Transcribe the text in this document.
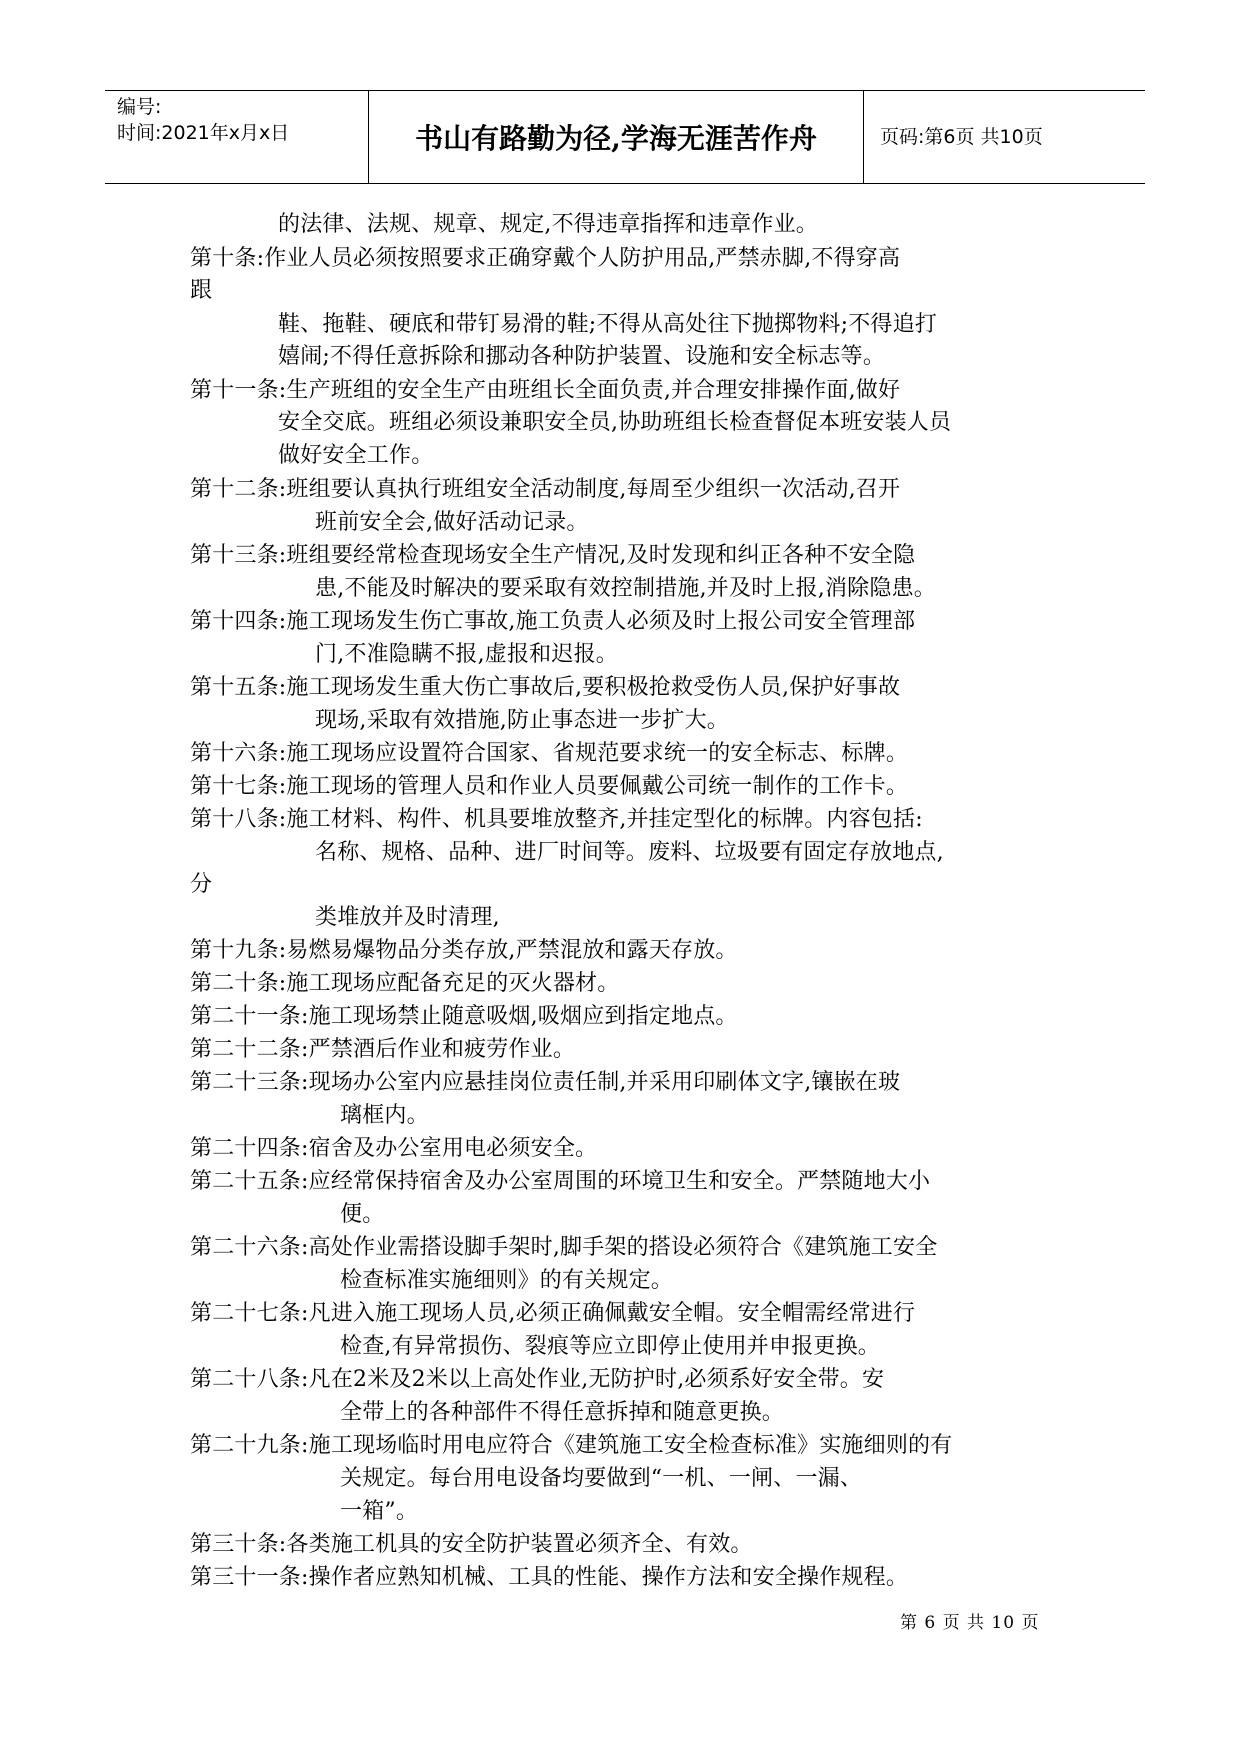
编号:
时间:2021年x月x日	书山有路勤为径,学海无涯苦作舟	页码:第6页 共10页
的法律、法规、规章、规定,不得违章指挥和违章作业。
第十条:作业人员必须按照要求正确穿戴个人防护用品,严禁赤脚,不得穿高
跟
鞋、拖鞋、硬底和带钉易滑的鞋;不得从高处往下抛掷物料;不得追打
嬉闹;不得任意拆除和挪动各种防护装置、设施和安全标志等。
第十一条:生产班组的安全生产由班组长全面负责,并合理安排操作面,做好
安全交底。班组必须设兼职安全员,协助班组长检查督促本班安装人员
做好安全工作。
第十二条:班组要认真执行班组安全活动制度,每周至少组织一次活动,召开
班前安全会,做好活动记录。
第十三条:班组要经常检查现场安全生产情况,及时发现和纠正各种不安全隐
患,不能及时解决的要采取有效控制措施,并及时上报,消除隐患。
第十四条:施工现场发生伤亡事故,施工负责人必须及时上报公司安全管理部
门,不准隐瞒不报,虚报和迟报。
第十五条:施工现场发生重大伤亡事故后,要积极抢救受伤人员,保护好事故
现场,采取有效措施,防止事态进一步扩大。
第十六条:施工现场应设置符合国家、省规范要求统一的安全标志、标牌。
第十七条:施工现场的管理人员和作业人员要佩戴公司统一制作的工作卡。
第十八条:施工材料、构件、机具要堆放整齐,并挂定型化的标牌。内容包括:
名称、规格、品种、进厂时间等。废料、垃圾要有固定存放地点,
分
类堆放并及时清理,
第十九条:易燃易爆物品分类存放,严禁混放和露天存放。
第二十条:施工现场应配备充足的灭火器材。
第二十一条:施工现场禁止随意吸烟,吸烟应到指定地点。
第二十二条:严禁酒后作业和疲劳作业。
第二十三条:现场办公室内应悬挂岗位责任制,并采用印刷体文字,镶嵌在玻
璃框内。
第二十四条:宿舍及办公室用电必须安全。
第二十五条:应经常保持宿舍及办公室周围的环境卫生和安全。严禁随地大小
便。
第二十六条:高处作业需搭设脚手架时,脚手架的搭设必须符合《建筑施工安全
检查标准实施细则》的有关规定。
第二十七条:凡进入施工现场人员,必须正确佩戴安全帽。安全帽需经常进行
检查,有异常损伤、裂痕等应立即停止使用并申报更换。
第二十八条:凡在2米及2米以上高处作业,无防护时,必须系好安全带。安
全带上的各种部件不得任意拆掉和随意更换。
第二十九条:施工现场临时用电应符合《建筑施工安全检查标准》实施细则的有
关规定。每台用电设备均要做到“一机、一闸、一漏、
一箱”。
第三十条:各类施工机具的安全防护装置必须齐全、有效。
第三十一条:操作者应熟知机械、工具的性能、操作方法和安全操作规程。
第 6 页 共 10 页
